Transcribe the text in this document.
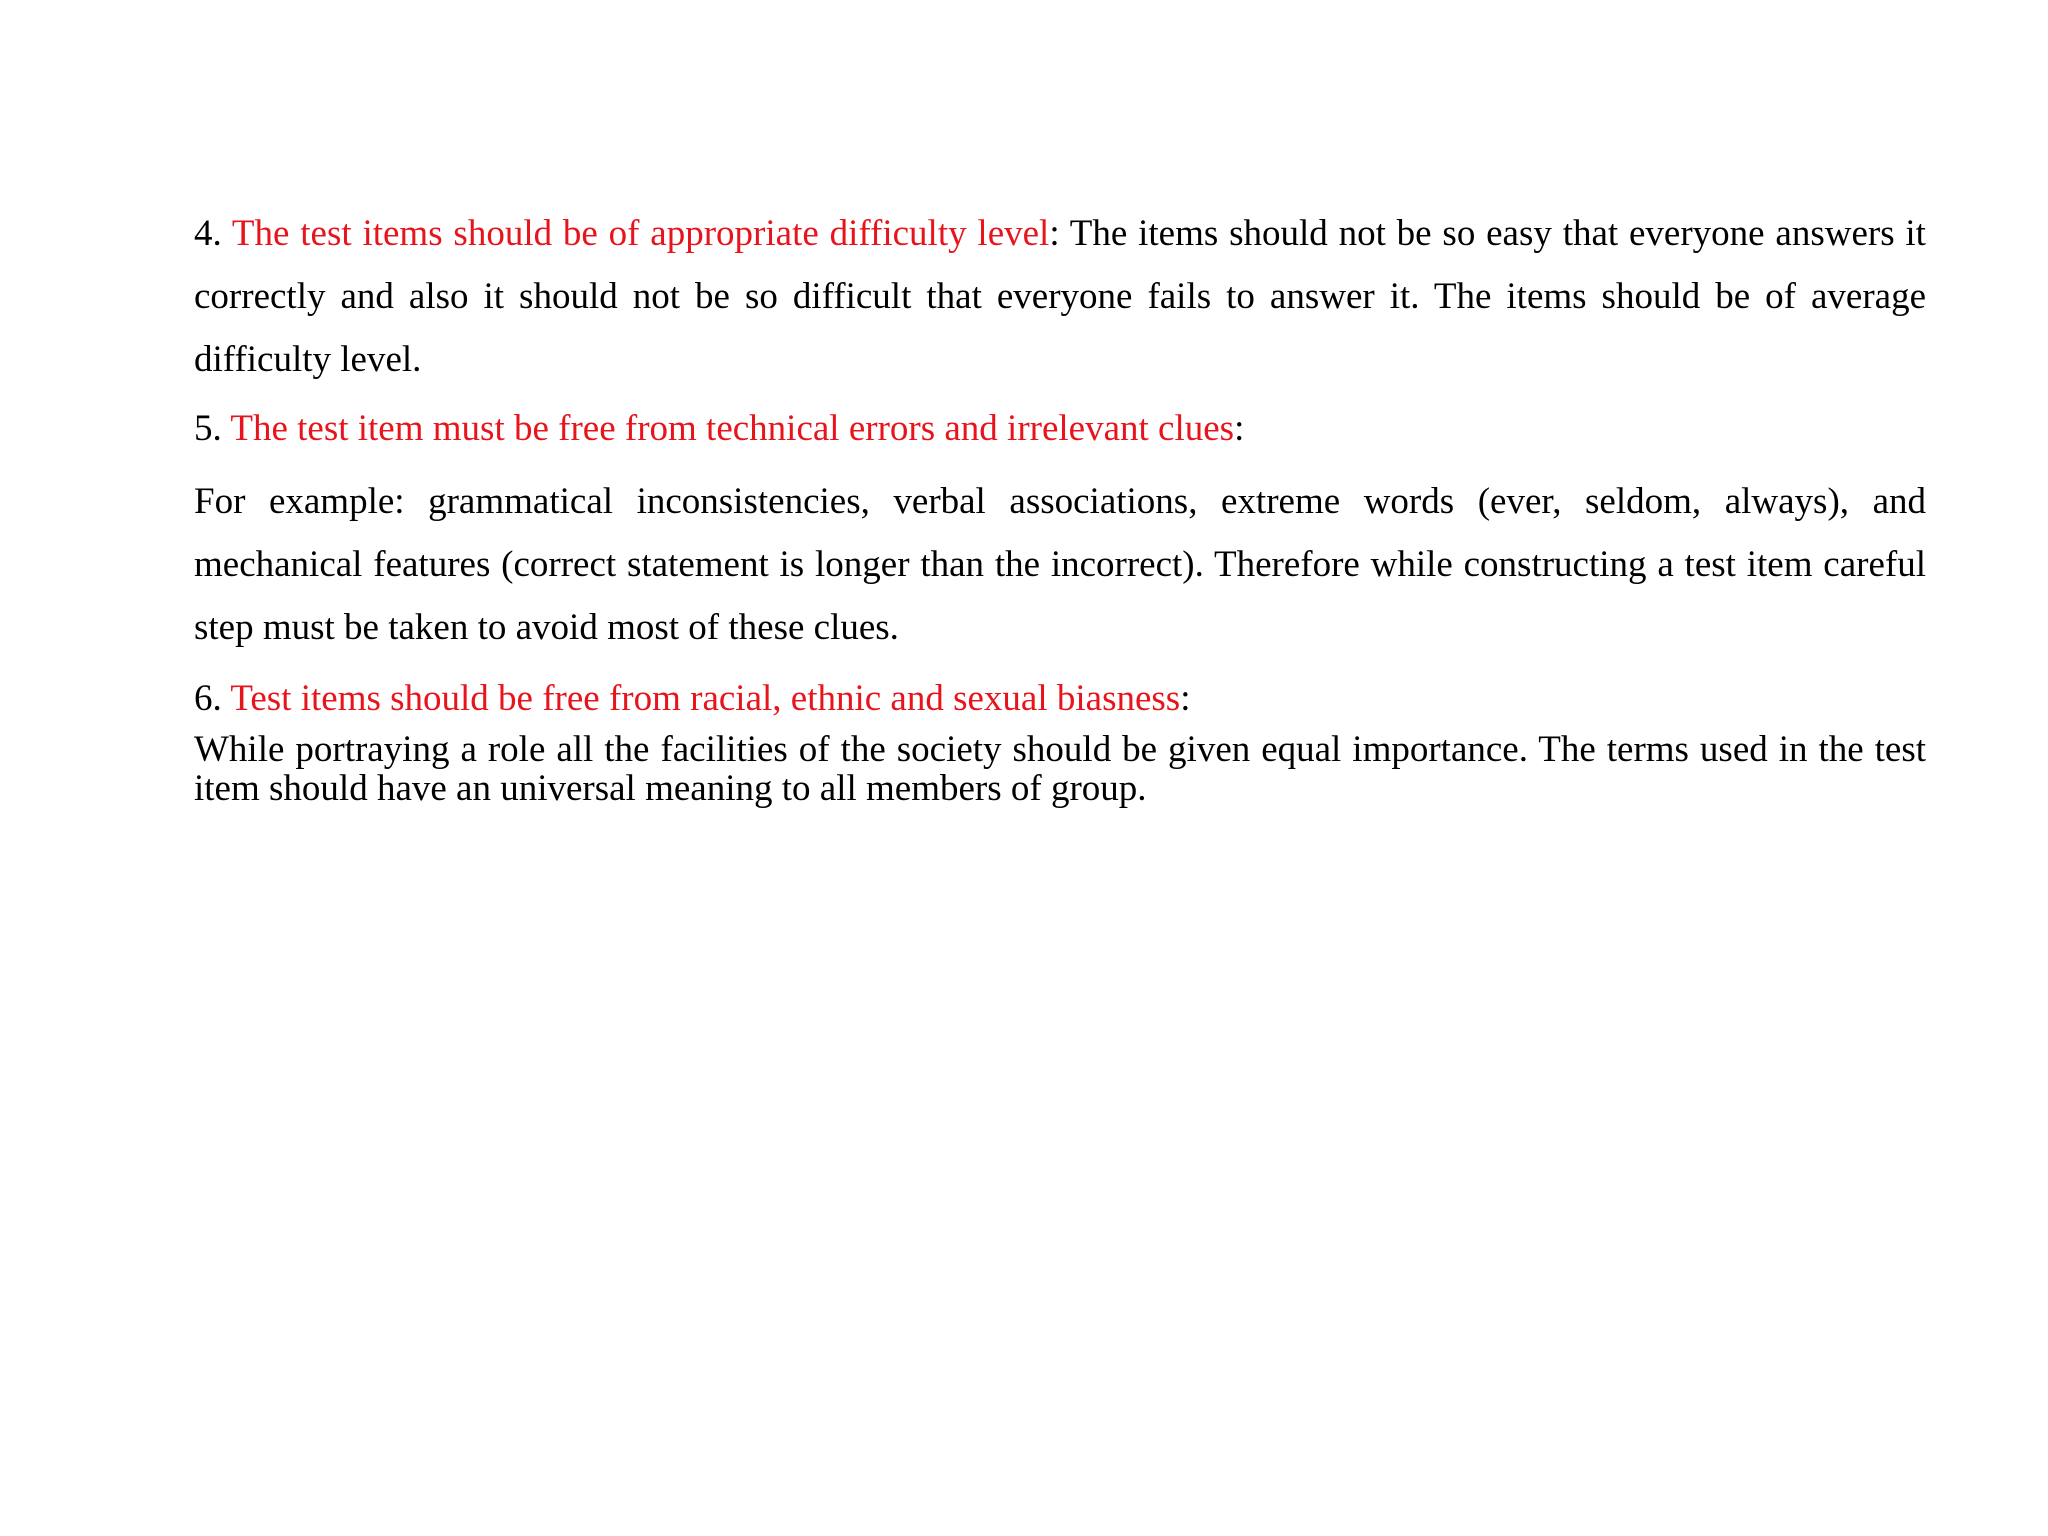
4. The test items should be of appropriate difficulty level: The items should not be so easy that everyone answers it correctly and also it should not be so difficult that everyone fails to answer it. The items should be of average difficulty level.

5. The test item must be free from technical errors and irrelevant clues:

For example: grammatical inconsistencies, verbal associations, extreme words (ever, seldom, always), and mechanical features (correct statement is longer than the incorrect). Therefore while constructing a test item careful step must be taken to avoid most of these clues.

6. Test items should be free from racial, ethnic and sexual biasness:

While portraying a role all the facilities of the society should be given equal importance. The terms used in the test item should have an universal meaning to all members of group.
